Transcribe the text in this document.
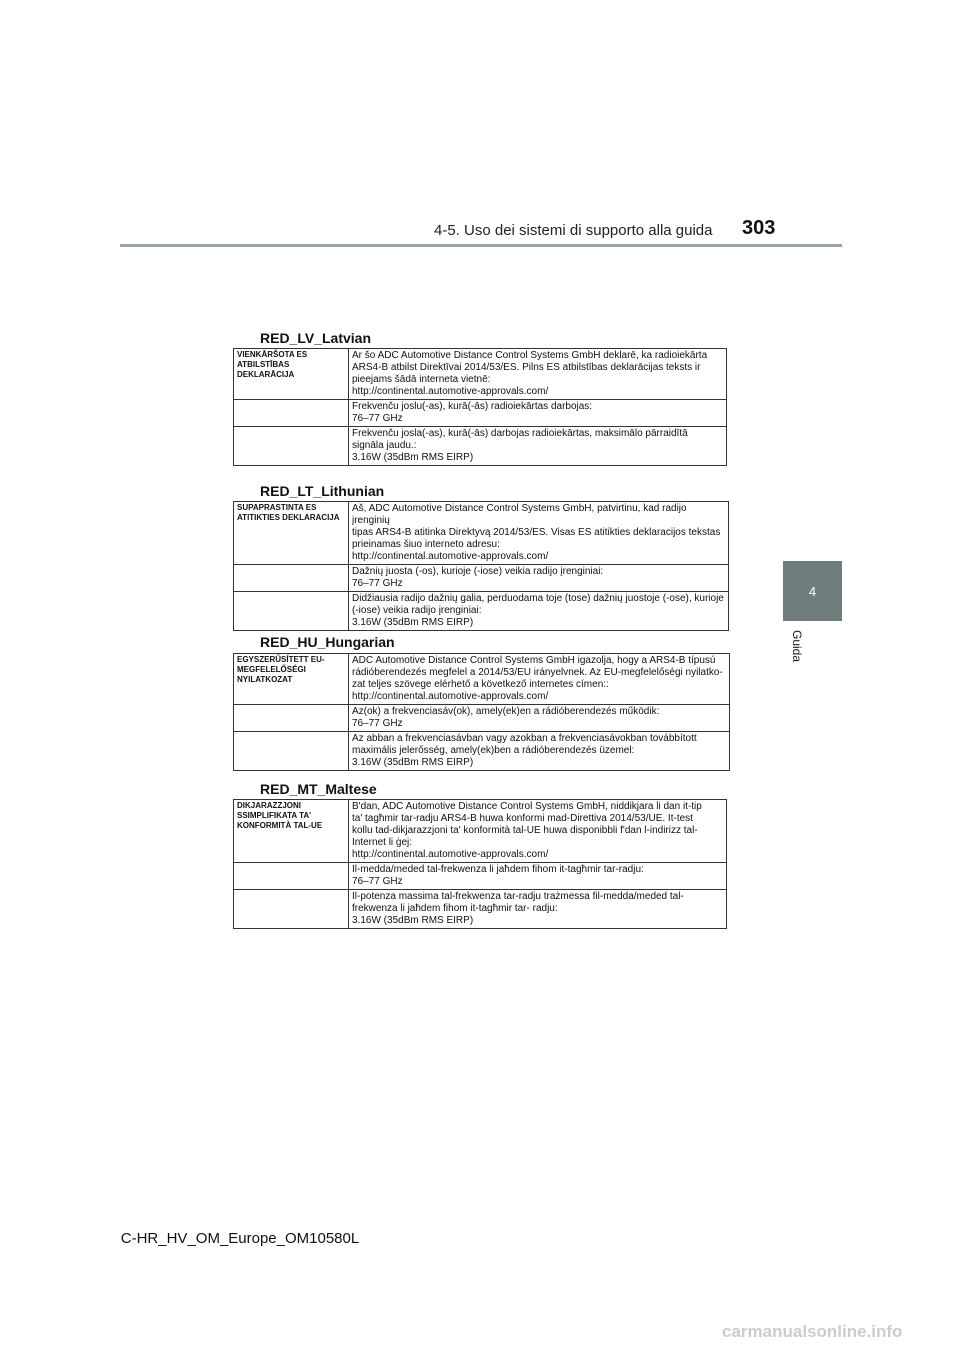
4-5. Uso dei sistemi di supporto alla guida 303
4
Guida
RED_LV_Latvian
VIENKĀRŠOTA ES ATBILSTĪBAS DEKLARĀCIJA	Ar šo ADC Automotive Distance Control Systems GmbH deklarē, ka radioiekārta
ARS4-B atbilst Direktīvai 2014/53/ES. Pilns ES atbilstības deklarācijas teksts ir
pieejams šādā interneta vietnē:
http://continental.automotive-approvals.com/

	Frekvenču joslu(-as), kurā(-ās) radioiekārtas darbojas:
76–77 GHz

	Frekvenču josla(-as), kurā(-ās) darbojas radioiekārtas, maksimālo pārraidītā
signāla jaudu.:
3.16W (35dBm RMS EIRP)
RED_LT_Lithunian
SUPAPRASTINTA ES ATITIKTIES DEKLARACIJA	Aš, ADC Automotive Distance Control Systems GmbH, patvirtinu, kad radijo įrenginių
tipas ARS4-B atitinka Direktyvą 2014/53/ES. Visas ES atitikties deklaracijos tekstas
prieinamas šiuo interneto adresu:
http://continental.automotive-approvals.com/

	Dažnių juosta (-os), kurioje (-iose) veikia radijo įrenginiai:
76–77 GHz

	Didžiausia radijo dažnių galia, perduodama toje (tose) dažnių juostoje (-ose), kurioje
(-iose) veikia radijo įrenginiai:
3.16W (35dBm RMS EIRP)
RED_HU_Hungarian
EGYSZERŰSÍTETT EU-MEGFELELŐSÉGI NYILATKOZAT	ADC Automotive Distance Control Systems GmbH igazolja, hogy a ARS4-B típusú
rádióberendezés megfelel a 2014/53/EU irányelvnek. Az EU-megfelelőségi nyilatko-
zat teljes szövege elérhető a következő internetes címen::
http://continental.automotive-approvals.com/

	Az(ok) a frekvenciasáv(ok), amely(ek)en a rádióberendezés működik:
76–77 GHz

	Az abban a frekvenciasávban vagy azokban a frekvenciasávokban továbbított
maximális jelerősség, amely(ek)ben a rádióberendezés üzemel:
3.16W (35dBm RMS EIRP)
RED_MT_Maltese
DIKJARAZZJONI SSIMPLIFIKATA TA' KONFORMITÀ TAL-UE	B'dan, ADC Automotive Distance Control Systems GmbH, niddikjara li dan it-tip
ta' tagħmir tar-radju ARS4-B huwa konformi mad-Direttiva 2014/53/UE. It-test
kollu tad-dikjarazzjoni ta' konformità tal-UE huwa disponibbli f'dan l-indirizz tal-
Internet li ġej:
http://continental.automotive-approvals.com/

	Il-medda/meded tal-frekwenza li jaħdem fihom it-tagħmir tar-radju:
76–77 GHz

	Il-potenza massima tal-frekwenza tar-radju trażmessa fil-medda/meded tal-
frekwenza li jaħdem fihom it-tagħmir tar- radju:
3.16W (35dBm RMS EIRP)
C-HR_HV_OM_Europe_OM10580L
carmanualsonline.info
